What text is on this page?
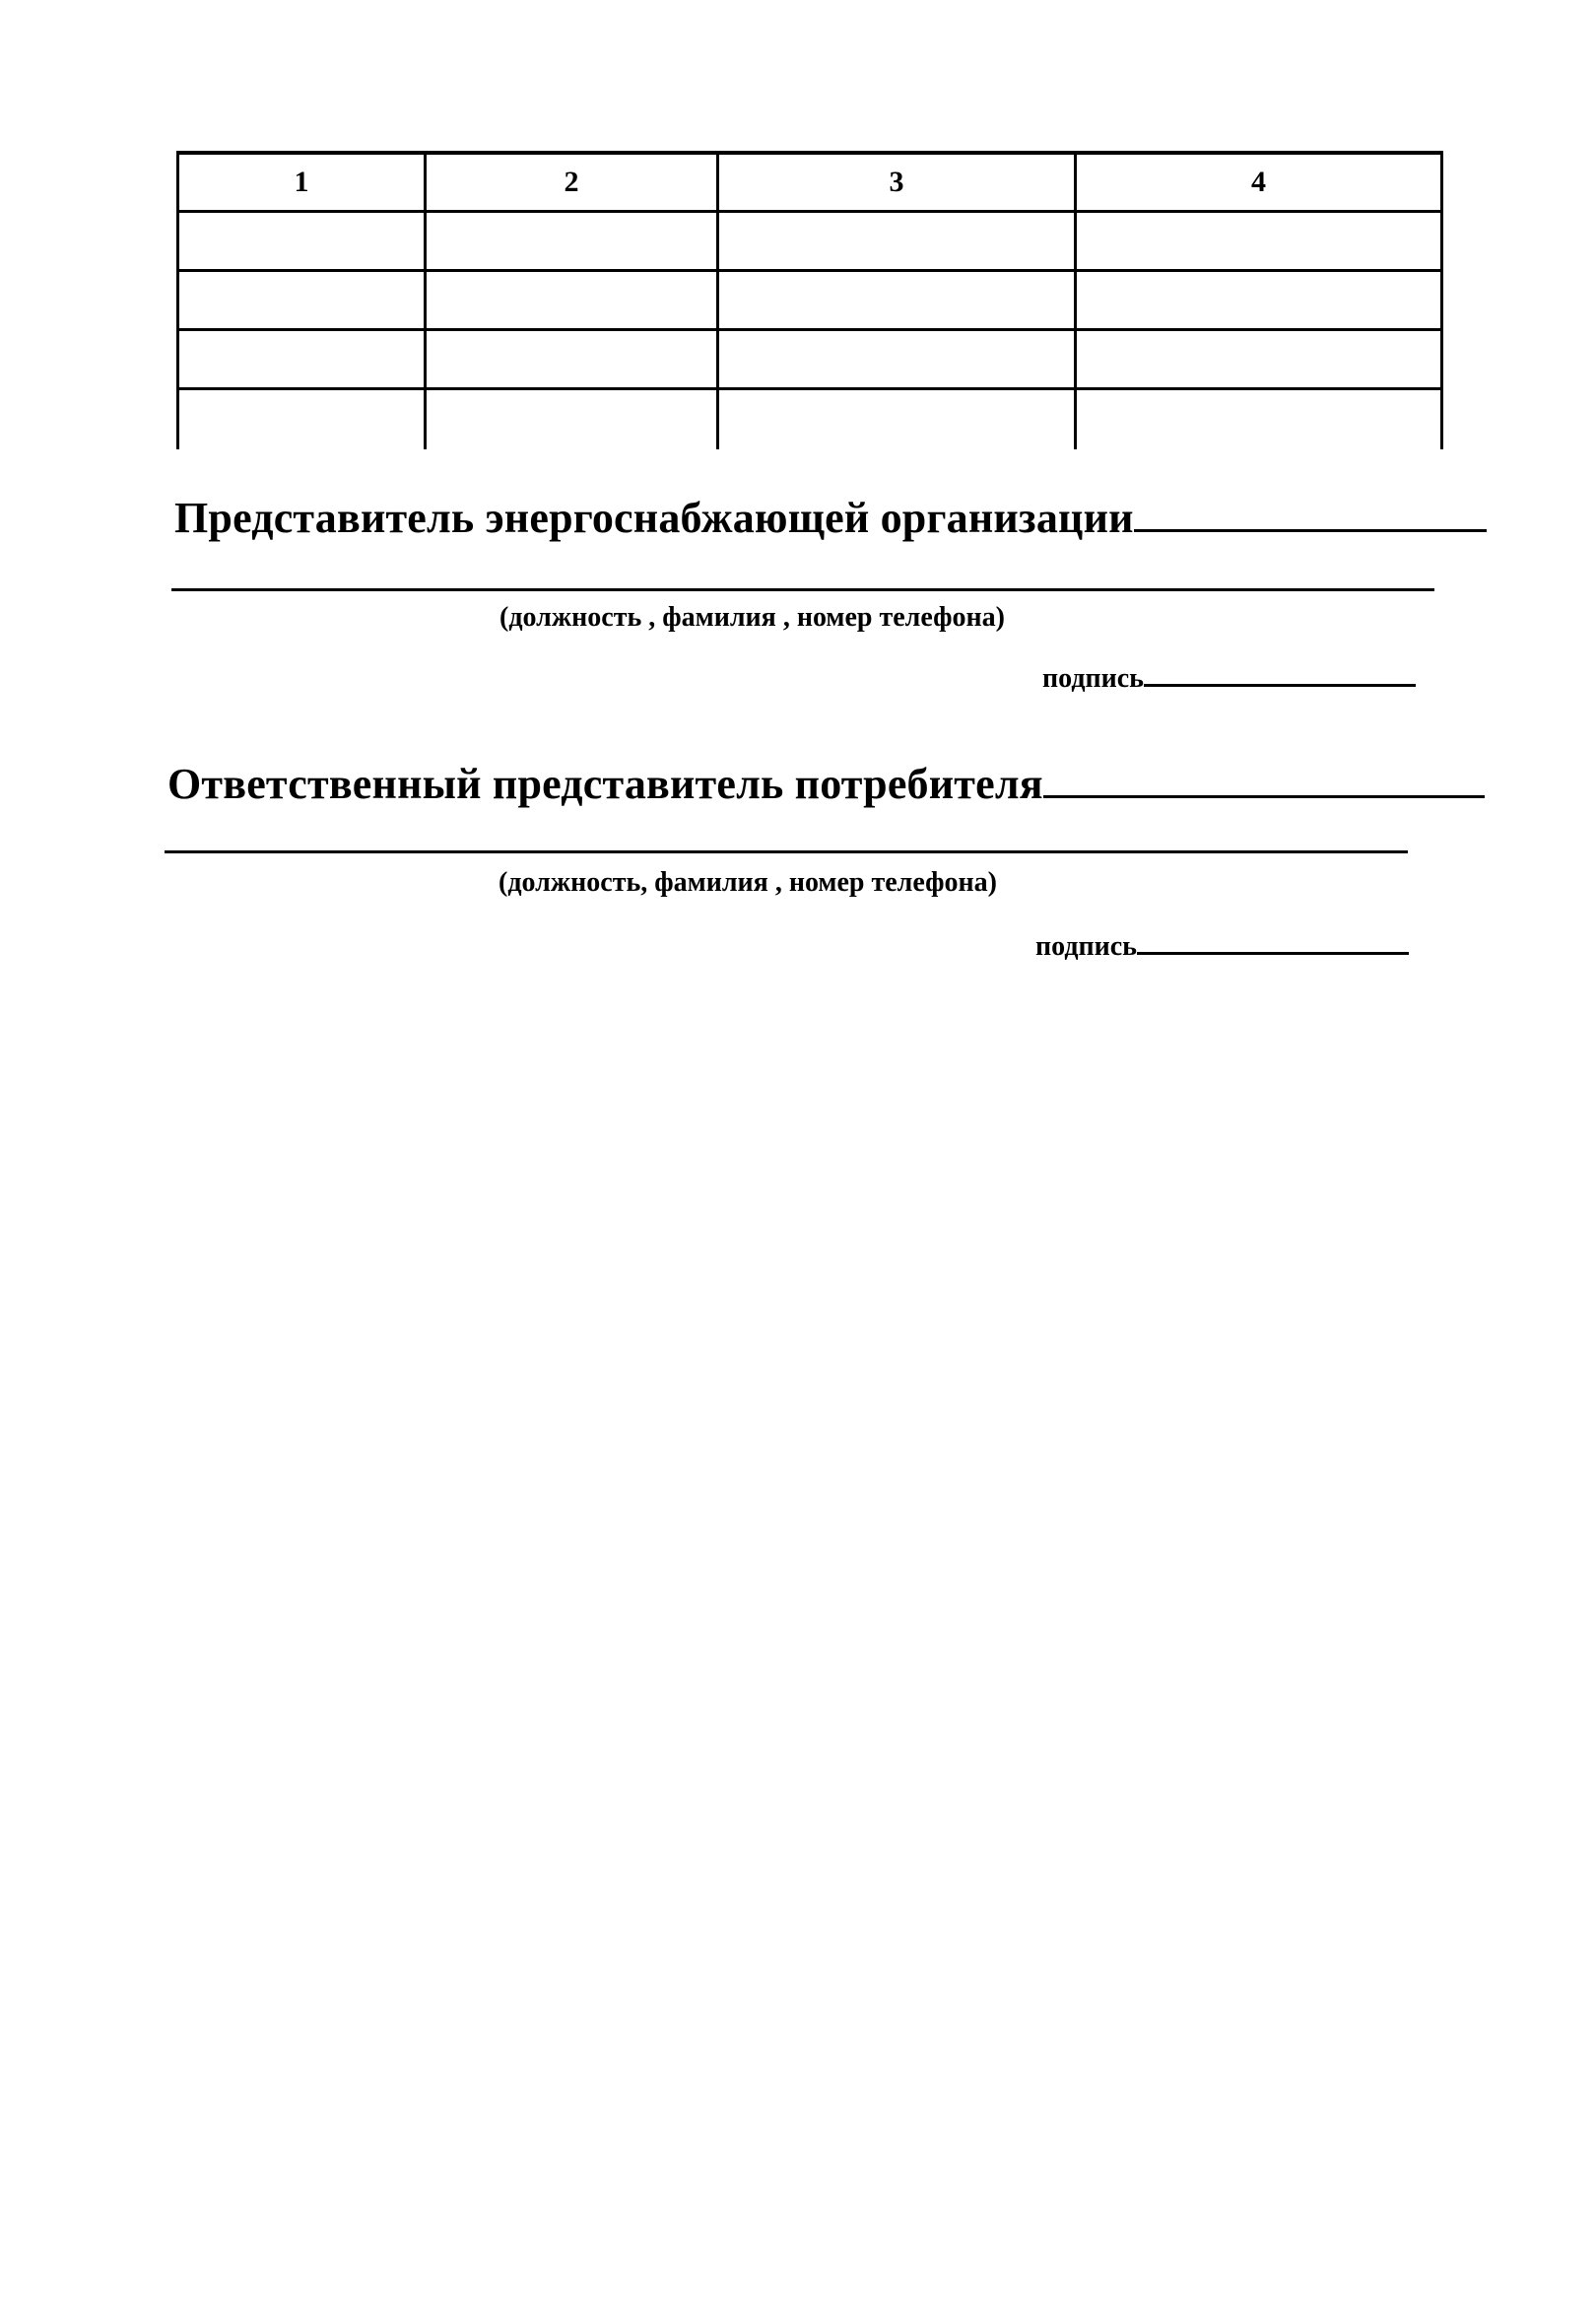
1	2	3	4

Представитель энергоснабжающей организации
(должность , фамилия , номер телефона)
подпись
Ответственный представитель потребителя
(должность, фамилия , номер телефона)
подпись
